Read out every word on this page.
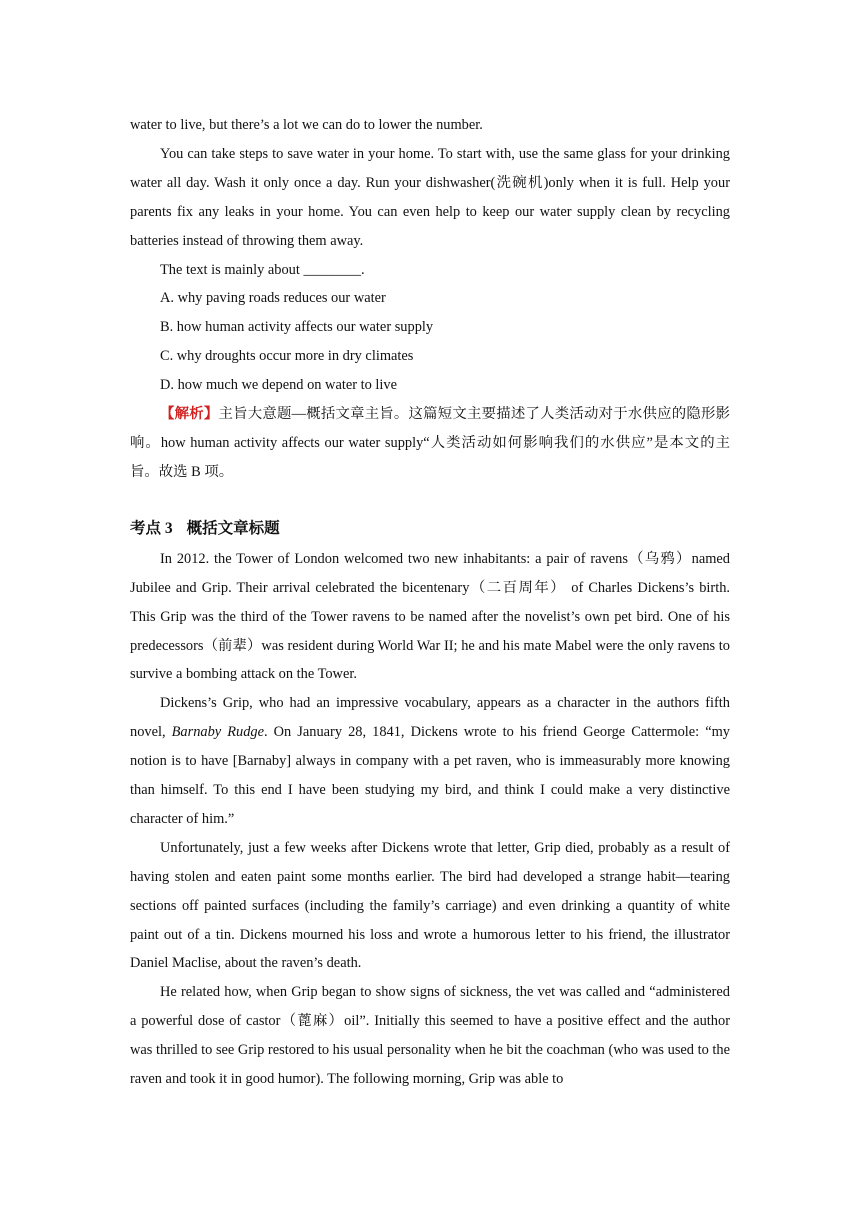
water to live, but there’s a lot we can do to lower the number.

You can take steps to save water in your home. To start with, use the same glass for your drinking water all day. Wash it only once a day. Run your dishwasher(洗碗机)only when it is full. Help your parents fix any leaks in your home. You can even help to keep our water supply clean by recycling batteries instead of throwing them away.

The text is mainly about ________.

A. why paving roads reduces our water

B. how human activity affects our water supply

C. why droughts occur more in dry climates

D. how much we depend on water to live

【解析】主旨大意题—概括文章主旨。这篇短文主要描述了人类活动对于水供应的隐形影响。how human activity affects our water supply“人类活动如何影响我们的水供应”是本文的主旨。故选 B 项。

考点 3 概括文章标题

In 2012. the Tower of London welcomed two new inhabitants: a pair of ravens（乌鸦）named Jubilee and Grip. Their arrival celebrated the bicentenary（二百周年） of Charles Dickens’s birth. This Grip was the third of the Tower ravens to be named after the novelist’s own pet bird. One of his predecessors（前辈）was resident during World War II; he and his mate Mabel were the only ravens to survive a bombing attack on the Tower.

Dickens’s Grip, who had an impressive vocabulary, appears as a character in the authors fifth novel, Barnaby Rudge. On January 28, 1841, Dickens wrote to his friend George Cattermole: “my notion is to have [Barnaby] always in company with a pet raven, who is immeasurably more knowing than himself. To this end I have been studying my bird, and think I could make a very distinctive character of him.”

Unfortunately, just a few weeks after Dickens wrote that letter, Grip died, probably as a result of having stolen and eaten paint some months earlier. The bird had developed a strange habit—tearing sections off painted surfaces (including the family’s carriage) and even drinking a quantity of white paint out of a tin. Dickens mourned his loss and wrote a humorous letter to his friend, the illustrator Daniel Maclise, about the raven’s death.

He related how, when Grip began to show signs of sickness, the vet was called and “administered a powerful dose of castor（蓖麻）oil”. Initially this seemed to have a positive effect and the author was thrilled to see Grip restored to his usual personality when he bit the coachman (who was used to the raven and took it in good humor). The following morning, Grip was able to
